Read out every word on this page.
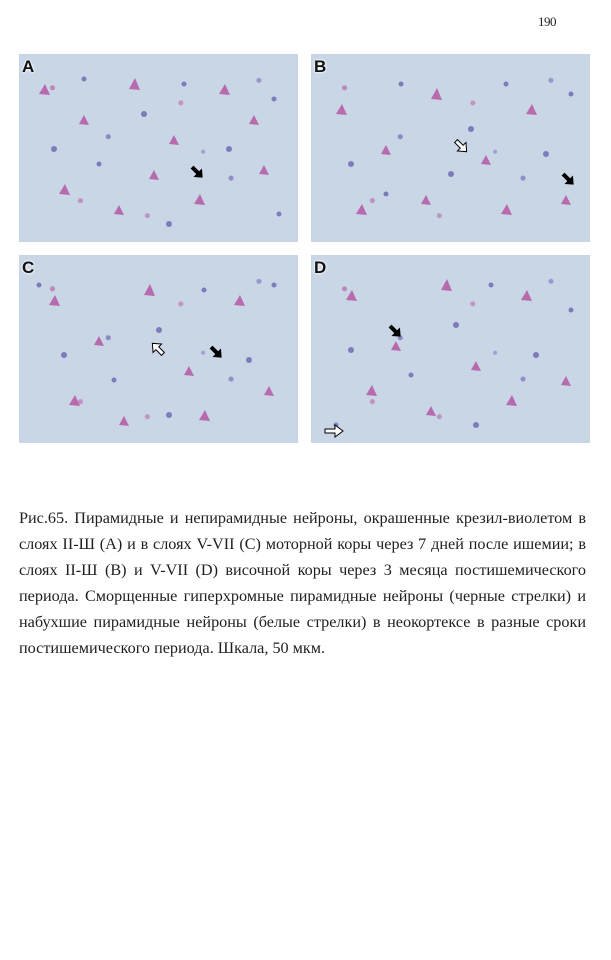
190
A	B
C	D

Рис.65. Пирамидные и непирамидные нейроны, окрашенные крезил-виолетом в слоях II-Ш (А) и в слоях V-VII (С) моторной коры через 7 дней после ишемии; в слоях II-Ш (В) и V-VII (D) височной коры через 3 месяца постишемического периода. Сморщенные гиперхромные пирамидные нейроны (черные стрелки) и набухшие пирамидные нейроны (белые стрелки) в неокортексе в разные сроки постишемического периода. Шкала, 50 мкм.
